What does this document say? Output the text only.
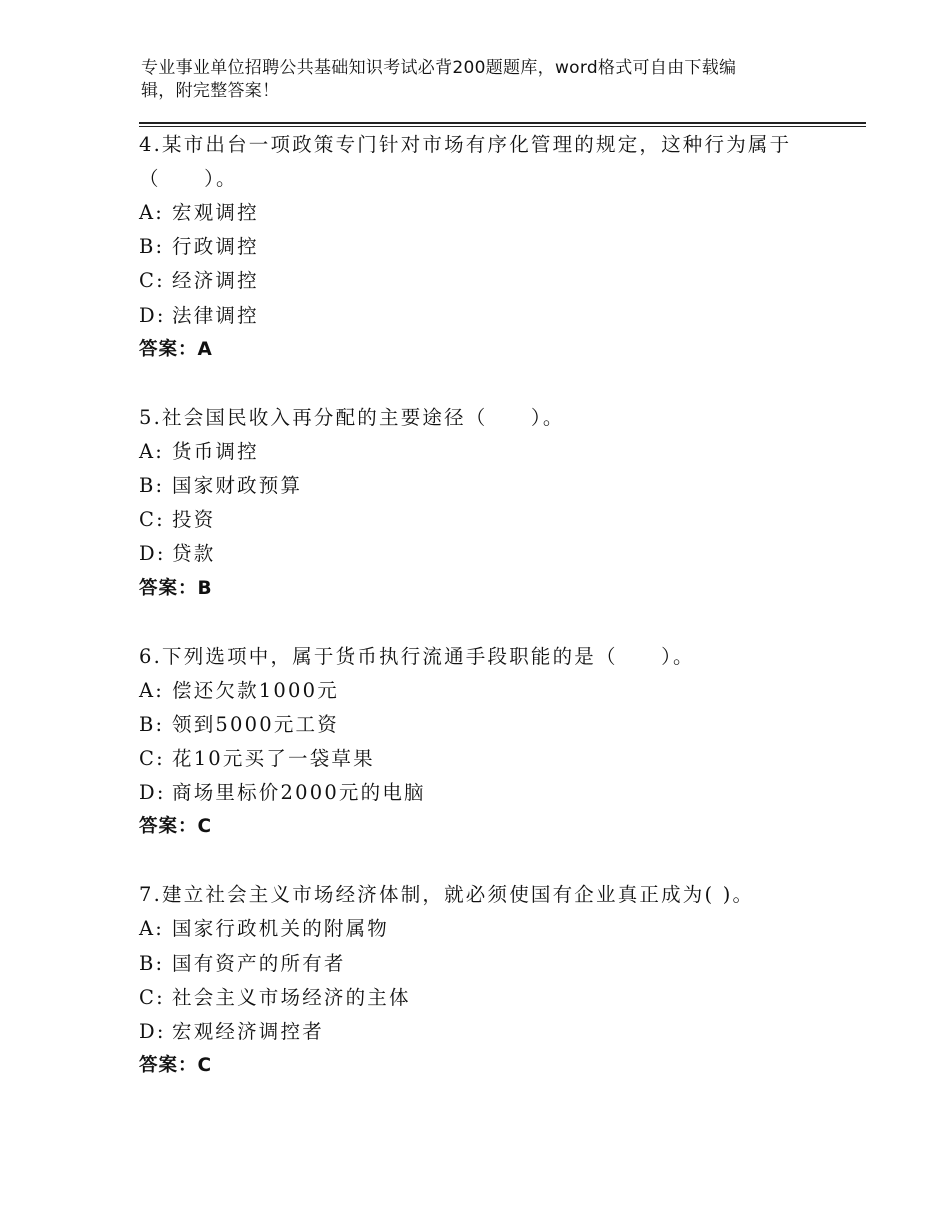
专业事业单位招聘公共基础知识考试必背200题题库，word格式可自由下载编
辑，附完整答案！

4.某市出台一项政策专门针对市场有序化管理的规定，这种行为属于

（　　）。

A: 宏观调控

B: 行政调控

C: 经济调控

D: 法律调控

答案：A

5.社会国民收入再分配的主要途径（　　）。

A: 货币调控

B: 国家财政预算

C: 投资

D: 贷款

答案：B

6.下列选项中，属于货币执行流通手段职能的是（　　）。

A: 偿还欠款1000元

B: 领到5000元工资

C: 花10元买了一袋草果

D: 商场里标价2000元的电脑

答案：C

7.建立社会主义市场经济体制，就必须使国有企业真正成为( )。

A: 国家行政机关的附属物

B: 国有资产的所有者

C: 社会主义市场经济的主体

D: 宏观经济调控者

答案：C
